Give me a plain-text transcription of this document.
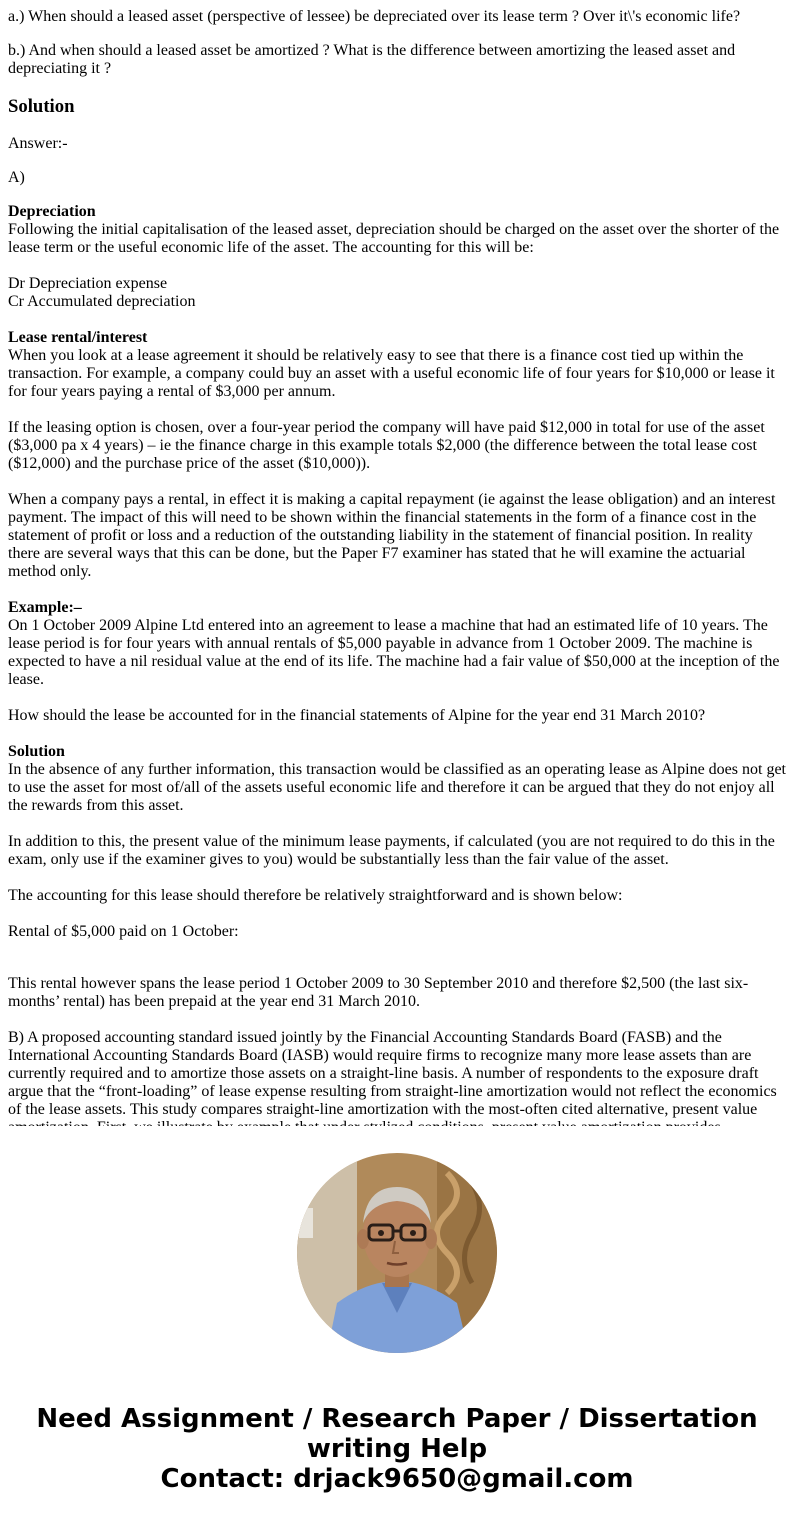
a.) When should a leased asset (perspective of lessee) be depreciated over its lease term ? Over it\'s economic life?

b.) And when should a leased asset be amortized ? What is the difference between amortizing the leased asset and depreciating it ?

Solution

Answer:-

A)

Depreciation
Following the initial capitalisation of the leased asset, depreciation should be charged on the asset over the shorter of the lease term or the useful economic life of the asset. The accounting for this will be:
Dr Depreciation expense
Cr Accumulated depreciation
Lease rental/interest
When you look at a lease agreement it should be relatively easy to see that there is a finance cost tied up within the transaction. For example, a company could buy an asset with a useful economic life of four years for $10,000 or lease it for four years paying a rental of $3,000 per annum.

If the leasing option is chosen, over a four-year period the company will have paid $12,000 in total for use of the asset ($3,000 pa x 4 years) – ie the finance charge in this example totals $2,000 (the difference between the total lease cost ($12,000) and the purchase price of the asset ($10,000)).

When a company pays a rental, in effect it is making a capital repayment (ie against the lease obligation) and an interest payment. The impact of this will need to be shown within the financial statements in the form of a finance cost in the statement of profit or loss and a reduction of the outstanding liability in the statement of financial position. In reality there are several ways that this can be done, but the Paper F7 examiner has stated that he will examine the actuarial method only.
Example:–
On 1 October 2009 Alpine Ltd entered into an agreement to lease a machine that had an estimated life of 10 years. The lease period is for four years with annual rentals of $5,000 payable in advance from 1 October 2009. The machine is expected to have a nil residual value at the end of its life. The machine had a fair value of $50,000 at the inception of the lease.

How should the lease be accounted for in the financial statements of Alpine for the year end 31 March 2010?
Solution
In the absence of any further information, this transaction would be classified as an operating lease as Alpine does not get to use the asset for most of/all of the assets useful economic life and therefore it can be argued that they do not enjoy all the rewards from this asset.

In addition to this, the present value of the minimum lease payments, if calculated (you are not required to do this in the exam, only use if the examiner gives to you) would be substantially less than the fair value of the asset.

The accounting for this lease should therefore be relatively straightforward and is shown below:

Rental of $5,000 paid on 1 October:

This rental however spans the lease period 1 October 2009 to 30 September 2010 and therefore $2,500 (the last six-months’ rental) has been prepaid at the year end 31 March 2010.

B) A proposed accounting standard issued jointly by the Financial Accounting Standards Board (FASB) and the International Accounting Standards Board (IASB) would require firms to recognize many more lease assets than are currently required and to amortize those assets on a straight-line basis. A number of respondents to the exposure draft argue that the “front-loading” of lease expense resulting from straight-line amortization would not reflect the economics of the lease assets. This study compares straight-line amortization with the most-often cited alternative, present value

Need Assignment / Research Paper / Dissertation
writing Help
Contact: drjack9650@gmail.com
